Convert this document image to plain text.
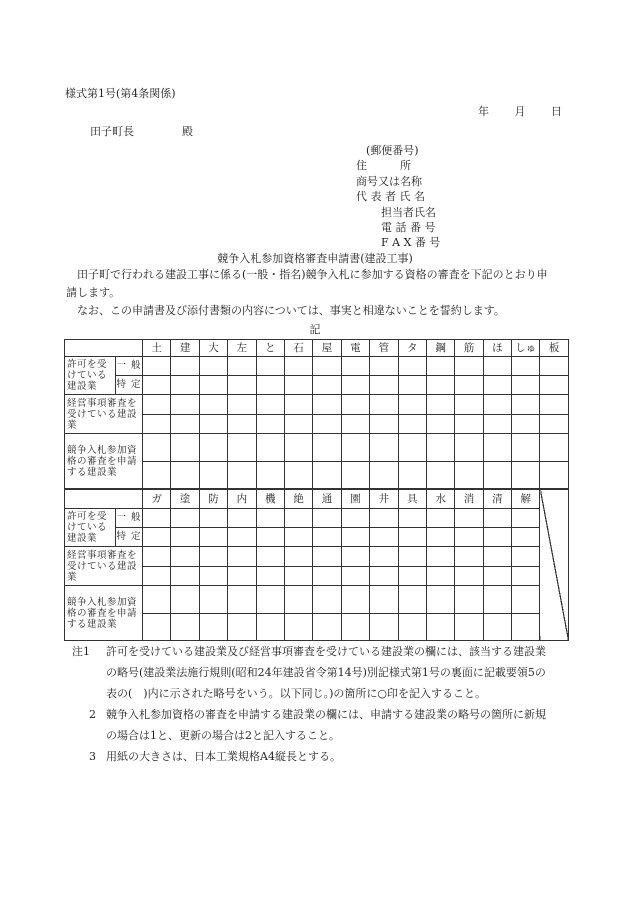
様式第1号(第4条関係)
年 月 日
田子町長	殿
(郵便番号)
住　　　所
商号又は名称
代 表 者 氏 名
担当者氏名
電 話 番 号
F A X 番 号
競争入札参加資格審査申請書(建設工事)
田子町で行われる建設工事に係る(一般・指名)競争入札に参加する資格の審査を下記のとおり申請します。
なお、この申請書及び添付書類の内容については、事実と相違ないことを誓約します。
記
		土	建	大	左	と	石	屋	電	管	タ	鋼	筋	ほ	しゅ	板
許可を受けている建設業	一 般															
	特 定															
経営事項審査を受けている建設業																

競争入札参加資格の審査を申請する建設業																

		ガ	塗	防	内	機	絶	通	園	井	具	水	消	清	解	
許可を受けている建設業	一 般															
	特 定															
経営事項審査を受けている建設業																

競争入札参加資格の審査を申請する建設業																

注1	許可を受けている建設業及び経営事項審査を受けている建設業の欄には、該当する建設業の略号(建設業法施行規則(昭和24年建設省令第14号)別記様式第1号の裏面に記載要領5の表の(　)内に示された略号をいう。以下同じ。)の箇所に○印を記入すること。
2 競争入札参加資格の審査を申請する建設業の欄には、申請する建設業の略号の箇所に新規の場合は1と、更新の場合は2と記入すること。
3 用紙の大きさは、日本工業規格A4縦長とする。
